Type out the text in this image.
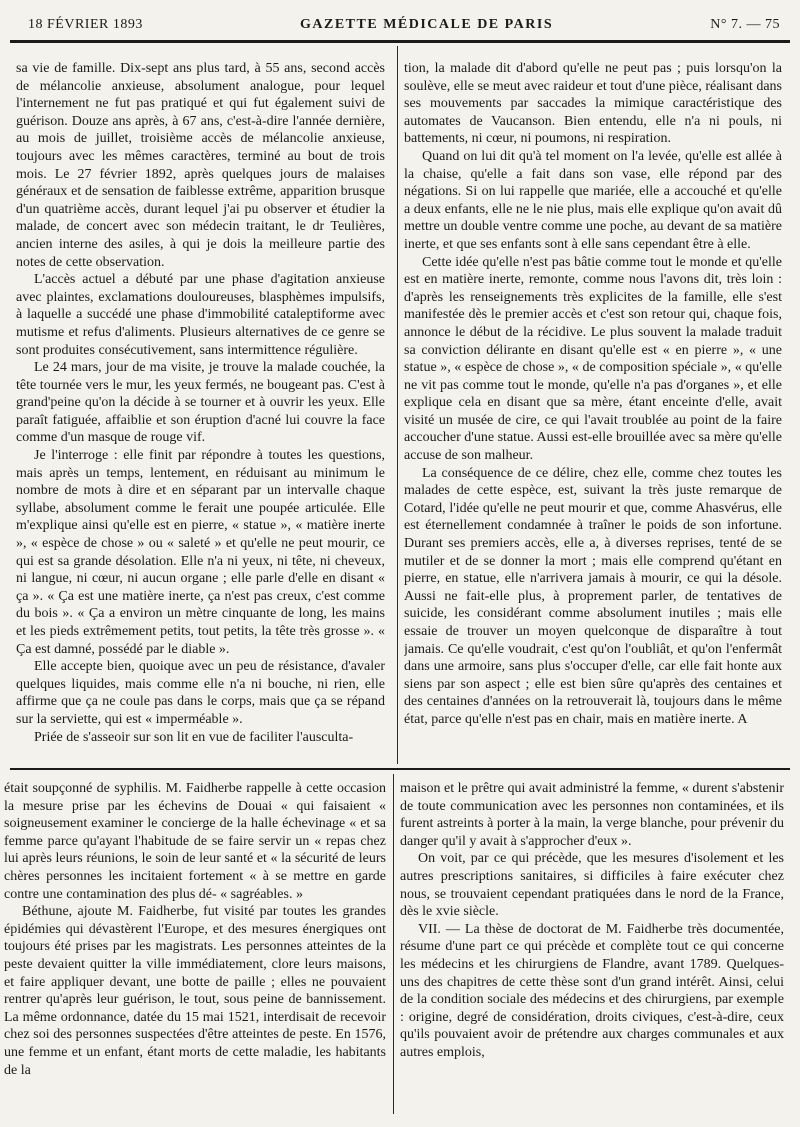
18 FÉVRIER 1893	GAZETTE MÉDICALE DE PARIS	N° 7. — 75

sa vie de famille. Dix-sept ans plus tard, à 55 ans, second accès de mélancolie anxieuse, absolument analogue, pour lequel l'internement ne fut pas pratiqué et qui fut également suivi de guérison. Douze ans après, à 67 ans, c'est-à-dire l'année dernière, au mois de juillet, troisième accès de mélancolie anxieuse, toujours avec les mêmes caractères, terminé au bout de trois mois. Le 27 février 1892, après quelques jours de malaises généraux et de sensation de faiblesse extrême, apparition brusque d'un quatrième accès, durant lequel j'ai pu observer et étudier la malade, de concert avec son médecin traitant, le dr Teulières, ancien interne des asiles, à qui je dois la meilleure partie des notes de cette observation.

L'accès actuel a débuté par une phase d'agitation anxieuse avec plaintes, exclamations douloureuses, blasphèmes impulsifs, à laquelle a succédé une phase d'immobilité cataleptiforme avec mutisme et refus d'aliments. Plusieurs alternatives de ce genre se sont produites consécutivement, sans intermittence régulière.

Le 24 mars, jour de ma visite, je trouve la malade couchée, la tête tournée vers le mur, les yeux fermés, ne bougeant pas. C'est à grand'peine qu'on la décide à se tourner et à ouvrir les yeux. Elle paraît fatiguée, affaiblie et son éruption d'acné lui couvre la face comme d'un masque de rouge vif.

Je l'interroge : elle finit par répondre à toutes les questions, mais après un temps, lentement, en réduisant au minimum le nombre de mots à dire et en séparant par un intervalle chaque syllabe, absolument comme le ferait une poupée articulée. Elle m'explique ainsi qu'elle est en pierre, « statue », « matière inerte », « espèce de chose » ou « saleté » et qu'elle ne peut mourir, ce qui est sa grande désolation. Elle n'a ni yeux, ni tête, ni cheveux, ni langue, ni cœur, ni aucun organe ; elle parle d'elle en disant « ça ». « Ça est une matière inerte, ça n'est pas creux, c'est comme du bois ». « Ça a environ un mètre cinquante de long, les mains et les pieds extrêmement petits, tout petits, la tête très grosse ». « Ça est damné, possédé par le diable ».

Elle accepte bien, quoique avec un peu de résistance, d'avaler quelques liquides, mais comme elle n'a ni bouche, ni rien, elle affirme que ça ne coule pas dans le corps, mais que ça se répand sur la serviette, qui est « imperméable ».

Priée de s'asseoir sur son lit en vue de faciliter l'ausculta-

tion, la malade dit d'abord qu'elle ne peut pas ; puis lorsqu'on la soulève, elle se meut avec raideur et tout d'une pièce, réalisant dans ses mouvements par saccades la mimique caractéristique des automates de Vaucanson. Bien entendu, elle n'a ni pouls, ni battements, ni cœur, ni poumons, ni respiration.

Quand on lui dit qu'à tel moment on l'a levée, qu'elle est allée à la chaise, qu'elle a fait dans son vase, elle répond par des négations. Si on lui rappelle que mariée, elle a accouché et qu'elle a deux enfants, elle ne le nie plus, mais elle explique qu'on avait dû mettre un double ventre comme une poche, au devant de sa matière inerte, et que ses enfants sont à elle sans cependant être à elle.

Cette idée qu'elle n'est pas bâtie comme tout le monde et qu'elle est en matière inerte, remonte, comme nous l'avons dit, très loin : d'après les renseignements très explicites de la famille, elle s'est manifestée dès le premier accès et c'est son retour qui, chaque fois, annonce le début de la récidive. Le plus souvent la malade traduit sa conviction délirante en disant qu'elle est « en pierre », « une statue », « espèce de chose », « de composition spéciale », « qu'elle ne vit pas comme tout le monde, qu'elle n'a pas d'organes », et elle explique cela en disant que sa mère, étant enceinte d'elle, avait visité un musée de cire, ce qui l'avait troublée au point de la faire accoucher d'une statue. Aussi est-elle brouillée avec sa mère qu'elle accuse de son malheur.

La conséquence de ce délire, chez elle, comme chez toutes les malades de cette espèce, est, suivant la très juste remarque de Cotard, l'idée qu'elle ne peut mourir et que, comme Ahasvérus, elle est éternellement condamnée à traîner le poids de son infortune. Durant ses premiers accès, elle a, à diverses reprises, tenté de se mutiler et de se donner la mort ; mais elle comprend qu'étant en pierre, en statue, elle n'arrivera jamais à mourir, ce qui la désole. Aussi ne fait-elle plus, à proprement parler, de tentatives de suicide, les considérant comme absolument inutiles ; mais elle essaie de trouver un moyen quelconque de disparaître à tout jamais. Ce qu'elle voudrait, c'est qu'on l'oubliât, et qu'on l'enfermât dans une armoire, sans plus s'occuper d'elle, car elle fait honte aux siens par son aspect ; elle est bien sûre qu'après des centaines et des centaines d'années on la retrouverait là, toujours dans le même état, parce qu'elle n'est pas en chair, mais en matière inerte. A

était soupçonné de syphilis. M. Faidherbe rappelle à cette occasion la mesure prise par les échevins de Douai « qui faisaient « soigneusement examiner le concierge de la halle échevinage « et sa femme parce qu'ayant l'habitude de se faire servir un « repas chez lui après leurs réunions, le soin de leur santé et « la sécurité de leurs chères personnes les incitaient fortement « à se mettre en garde contre une contamination des plus dé- « sagréables. »

Béthune, ajoute M. Faidherbe, fut visité par toutes les grandes épidémies qui dévastèrent l'Europe, et des mesures énergiques ont toujours été prises par les magistrats. Les personnes atteintes de la peste devaient quitter la ville immédiatement, clore leurs maisons, et faire appliquer devant, une botte de paille ; elles ne pouvaient rentrer qu'après leur guérison, le tout, sous peine de bannissement. La même ordonnance, datée du 15 mai 1521, interdisait de recevoir chez soi des personnes suspectées d'être atteintes de peste. En 1576, une femme et un enfant, étant morts de cette maladie, les habitants de la

maison et le prêtre qui avait administré la femme, « durent s'abstenir de toute communication avec les personnes non contaminées, et ils furent astreints à porter à la main, la verge blanche, pour prévenir du danger qu'il y avait à s'approcher d'eux ».

On voit, par ce qui précède, que les mesures d'isolement et les autres prescriptions sanitaires, si difficiles à faire exécuter chez nous, se trouvaient cependant pratiquées dans le nord de la France, dès le xvie siècle.

VII. — La thèse de doctorat de M. Faidherbe très documentée, résume d'une part ce qui précède et complète tout ce qui concerne les médecins et les chirurgiens de Flandre, avant 1789. Quelques-uns des chapitres de cette thèse sont d'un grand intérêt. Ainsi, celui de la condition sociale des médecins et des chirurgiens, par exemple : origine, degré de considération, droits civiques, c'est-à-dire, ceux qu'ils pouvaient avoir de prétendre aux charges communales et aux autres emplois,
